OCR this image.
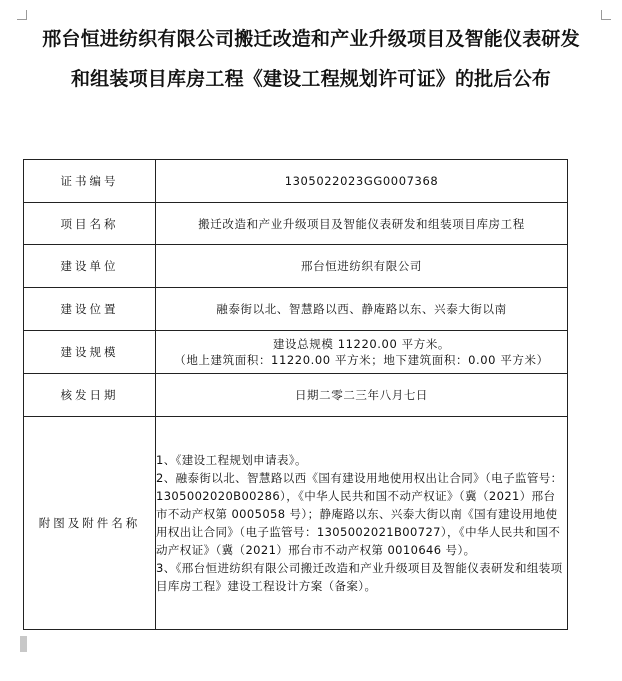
邢台恒进纺织有限公司搬迁改造和产业升级项目及智能仪表研发
和组装项目库房工程《建设工程规划许可证》的批后公布
证书编号	1305022023GG0007368
项目名称	搬迁改造和产业升级项目及智能仪表研发和组装项目库房工程
建设单位	邢台恒进纺织有限公司
建设位置	融泰街以北、智慧路以西、静庵路以东、兴泰大街以南
建设规模	建设总规模 11220.00 平方米。
（地上建筑面积：11220.00 平方米；地下建筑面积：0.00 平方米）

核发日期	日期二零二三年八月七日
附图及附件名称	1、《建设工程规划申请表》。
2、融泰街以北、智慧路以西《国有建设用地使用权出让合同》（电子监管号：1305002020B00286），《中华人民共和国不动产权证》（冀（2021）邢台市不动产权第 0005058 号）；静庵路以东、兴泰大街以南《国有建设用地使用权出让合同》（电子监管号：1305002021B00727），《中华人民共和国不动产权证》（冀（2021）邢台市不动产权第 0010646 号）。
3、《邢台恒进纺织有限公司搬迁改造和产业升级项目及智能仪表研发和组装项目库房工程》建设工程设计方案（备案）。
